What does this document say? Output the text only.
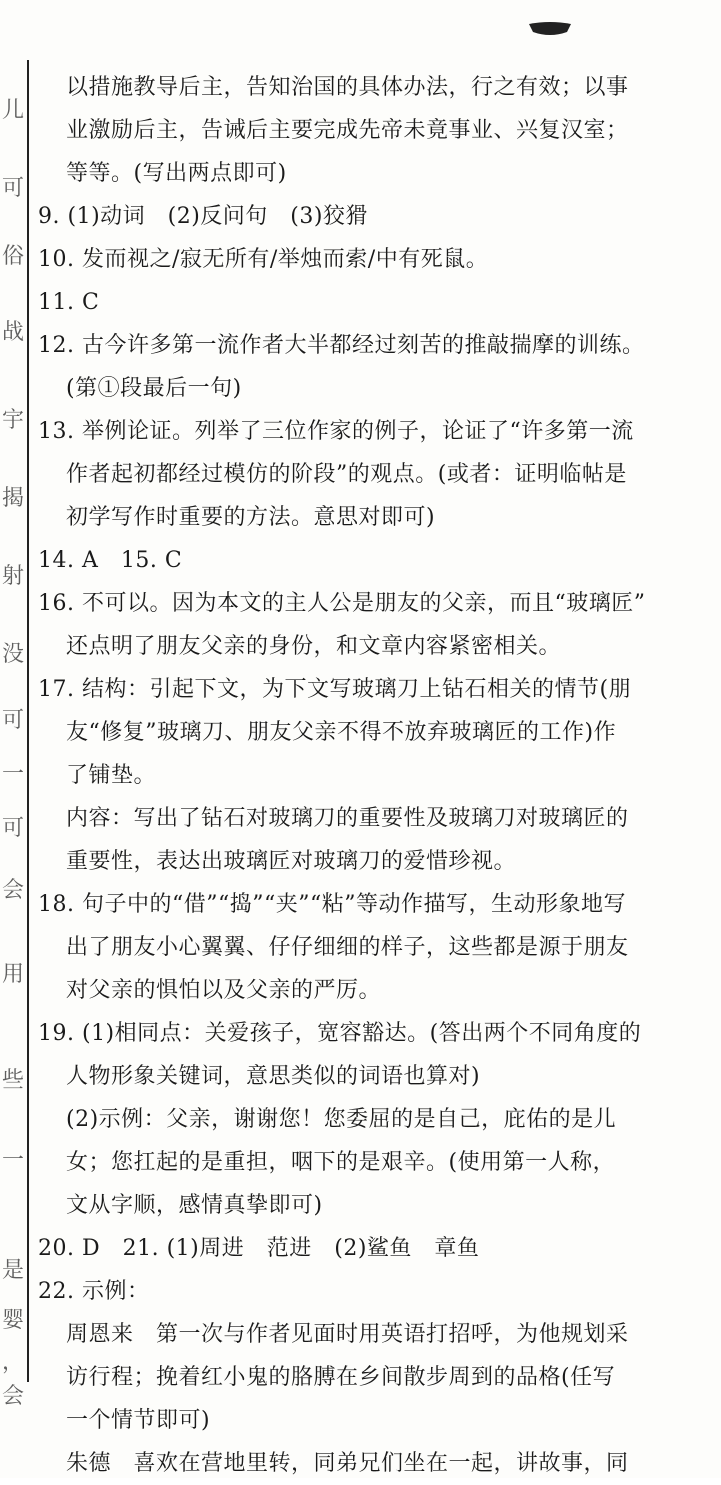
儿
可
俗
战
宇
揭
射
没
可
一
可
会
用
些
一
是
婴
，
会
以措施教导后主，告知治国的具体办法，行之有效；以事
业激励后主，告诫后主要完成先帝未竟事业、兴复汉室；
等等。(写出两点即可)
9. (1)动词　(2)反问句　(3)狡猾
10. 发而视之/寂无所有/举烛而索/中有死鼠。
11. C
12. 古今许多第一流作者大半都经过刻苦的推敲揣摩的训练。
(第①段最后一句)
13. 举例论证。列举了三位作家的例子，论证了“许多第一流
作者起初都经过模仿的阶段”的观点。(或者：证明临帖是
初学写作时重要的方法。意思对即可)
14. A　15. C
16. 不可以。因为本文的主人公是朋友的父亲，而且“玻璃匠”
还点明了朋友父亲的身份，和文章内容紧密相关。
17. 结构：引起下文，为下文写玻璃刀上钻石相关的情节(朋
友“修复”玻璃刀、朋友父亲不得不放弃玻璃匠的工作)作
了铺垫。
内容：写出了钻石对玻璃刀的重要性及玻璃刀对玻璃匠的
重要性，表达出玻璃匠对玻璃刀的爱惜珍视。
18. 句子中的“借”“捣”“夹”“粘”等动作描写，生动形象地写
出了朋友小心翼翼、仔仔细细的样子，这些都是源于朋友
对父亲的惧怕以及父亲的严厉。
19. (1)相同点：关爱孩子，宽容豁达。(答出两个不同角度的
人物形象关键词，意思类似的词语也算对)
(2)示例：父亲，谢谢您！您委屈的是自己，庇佑的是儿
女；您扛起的是重担，咽下的是艰辛。(使用第一人称，
文从字顺，感情真挚即可)
20. D　21. (1)周进　范进　(2)鲨鱼　章鱼
22. 示例：
周恩来　第一次与作者见面时用英语打招呼，为他规划采
访行程；挽着红小鬼的胳膊在乡间散步周到的品格(任写
一个情节即可)
朱德　喜欢在营地里转，同弟兄们坐在一起，讲故事，同
